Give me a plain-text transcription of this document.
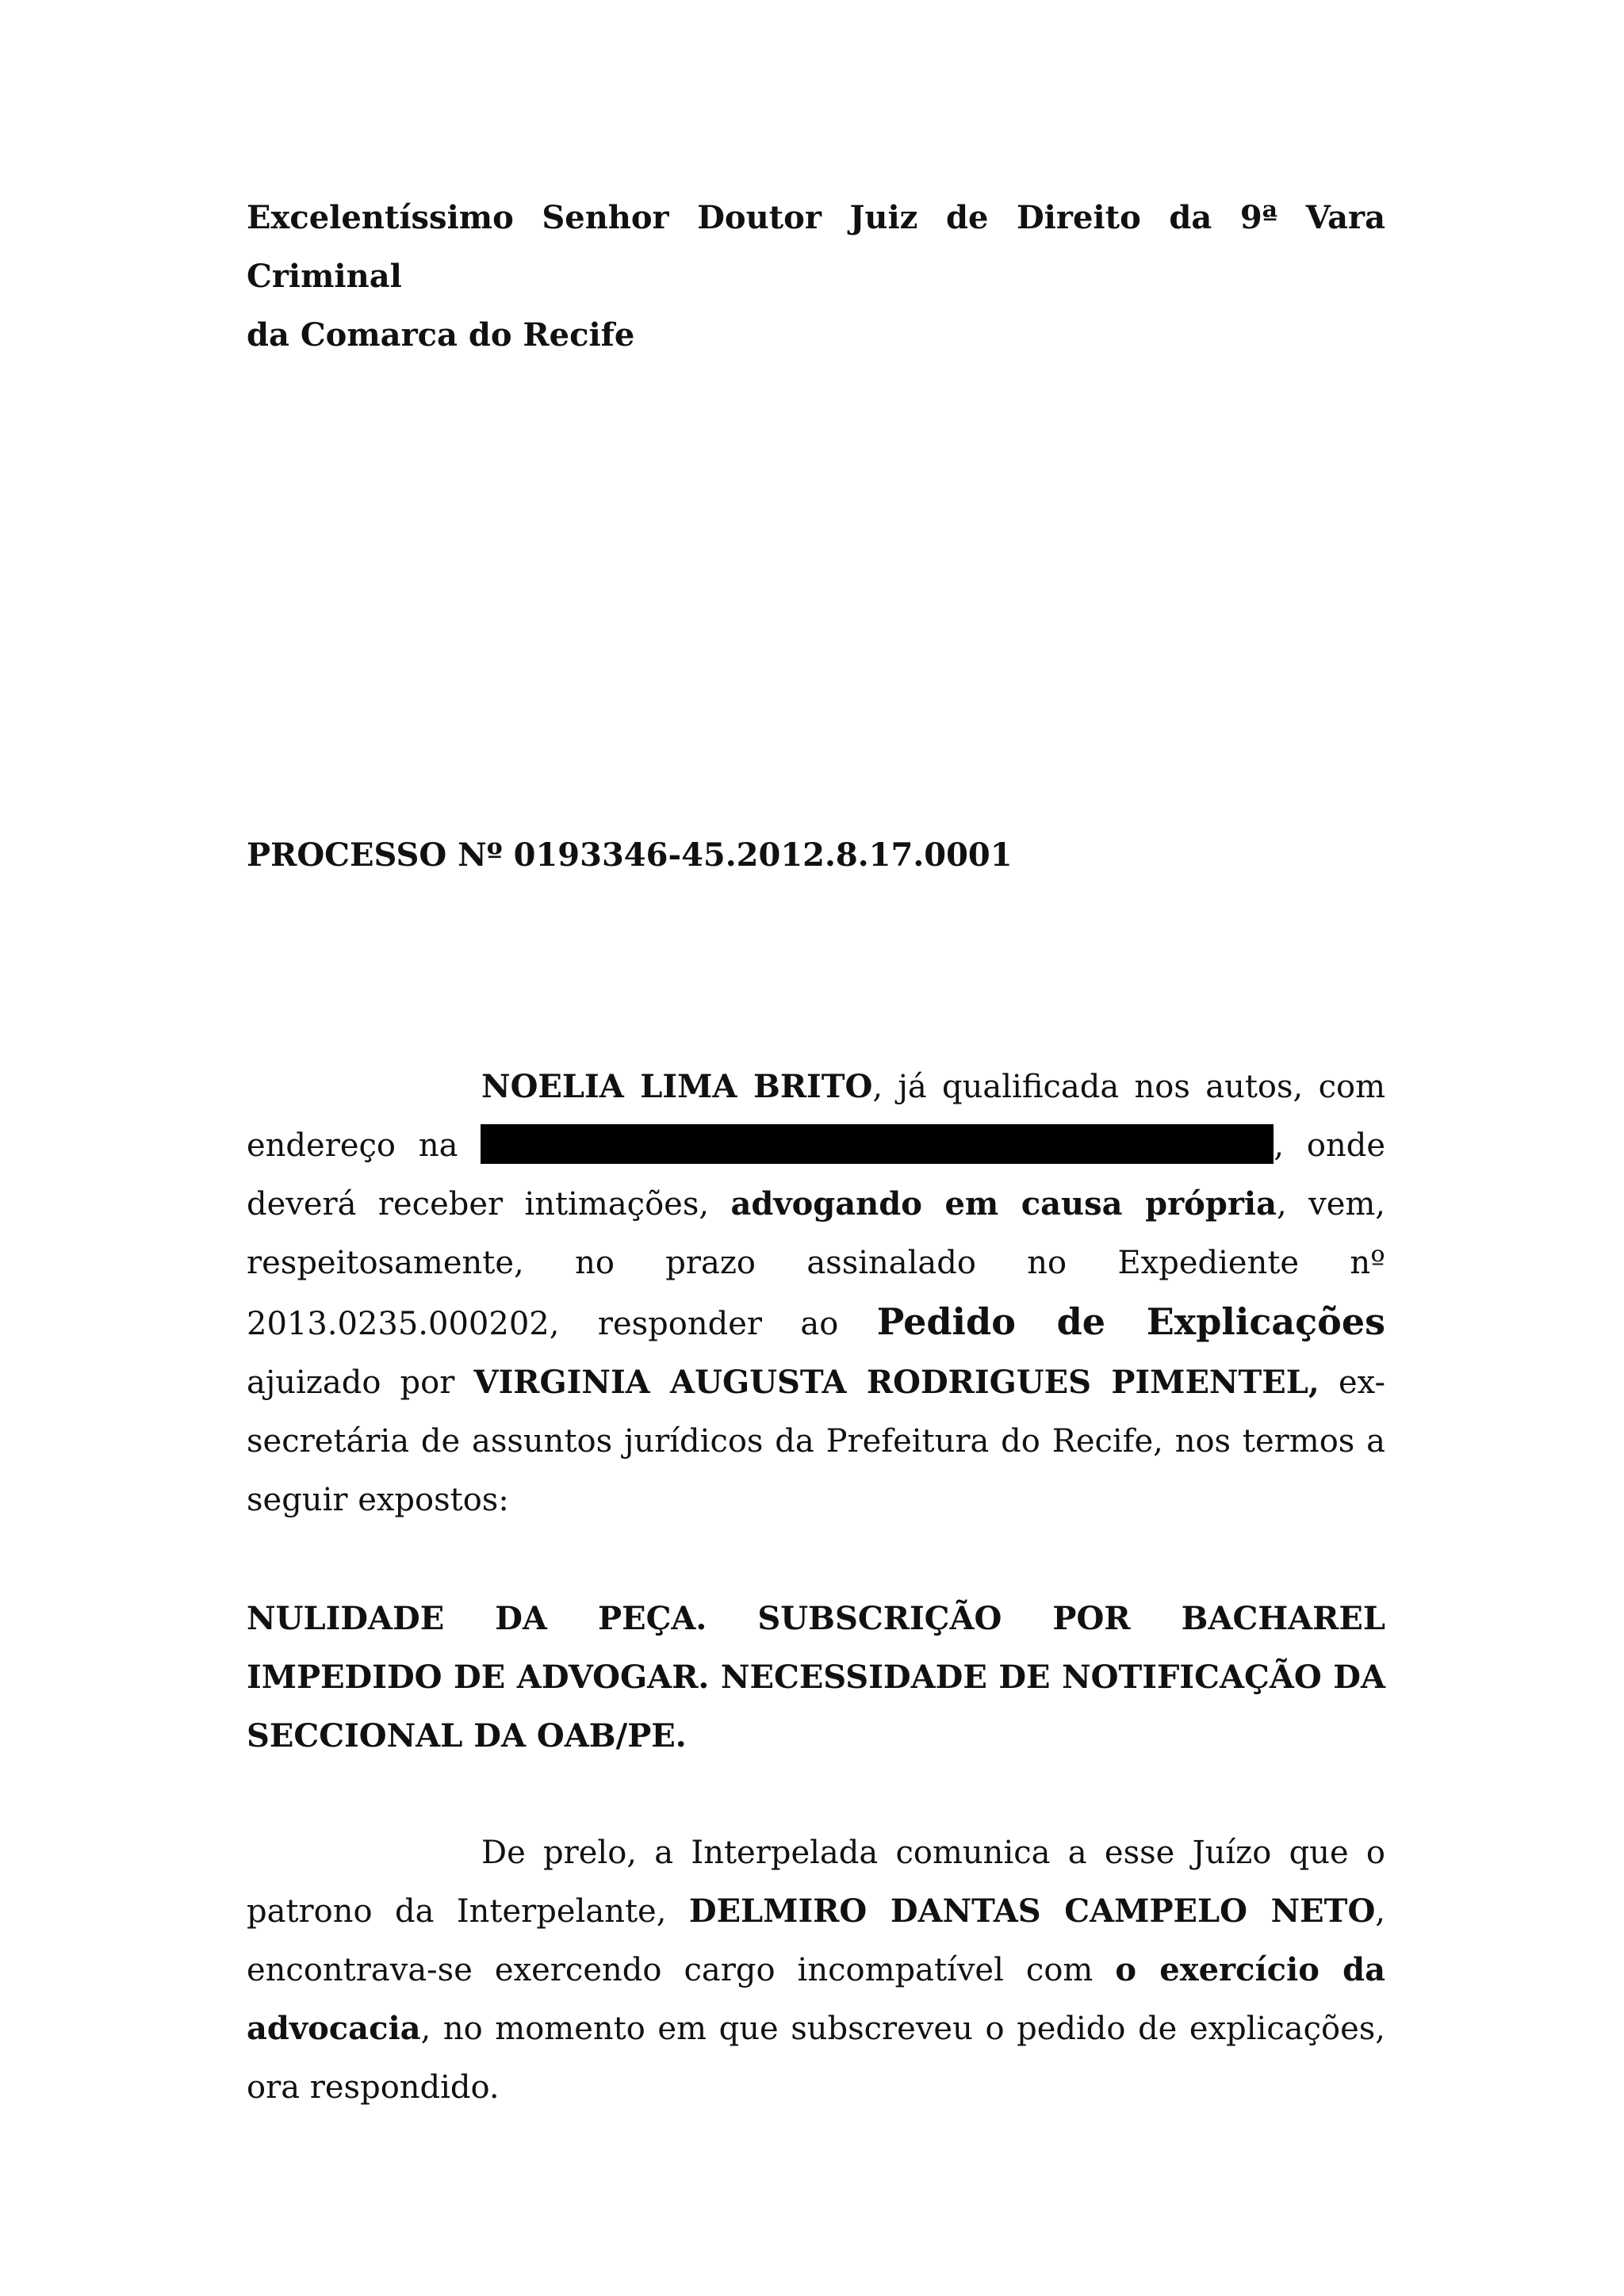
Excelentíssimo Senhor Doutor Juiz de Direito da 9ª Vara Criminal
da Comarca do Recife
PROCESSO Nº 0193346-45.2012.8.17.0001
NOELIA LIMA BRITO, já qualificada nos autos, com endereço na	, onde deverá receber intimações, advogando em causa própria, vem, respeitosamente, no prazo assinalado no Expediente nº 2013.0235.000202, responder ao Pedido de Explicações ajuizado por VIRGINIA AUGUSTA RODRIGUES PIMENTEL, ex-secretária de assuntos jurídicos da Prefeitura do Recife, nos termos a seguir expostos:
NULIDADE DA PEÇA. SUBSCRIÇÃO POR BACHAREL IMPEDIDO DE ADVOGAR. NECESSIDADE DE NOTIFICAÇÃO DA SECCIONAL DA OAB/PE.
De prelo, a Interpelada comunica a esse Juízo que o patrono da Interpelante, DELMIRO DANTAS CAMPELO NETO, encontrava-se exercendo cargo incompatível com o exercício da advocacia, no momento em que subscreveu o pedido de explicações, ora respondido.
